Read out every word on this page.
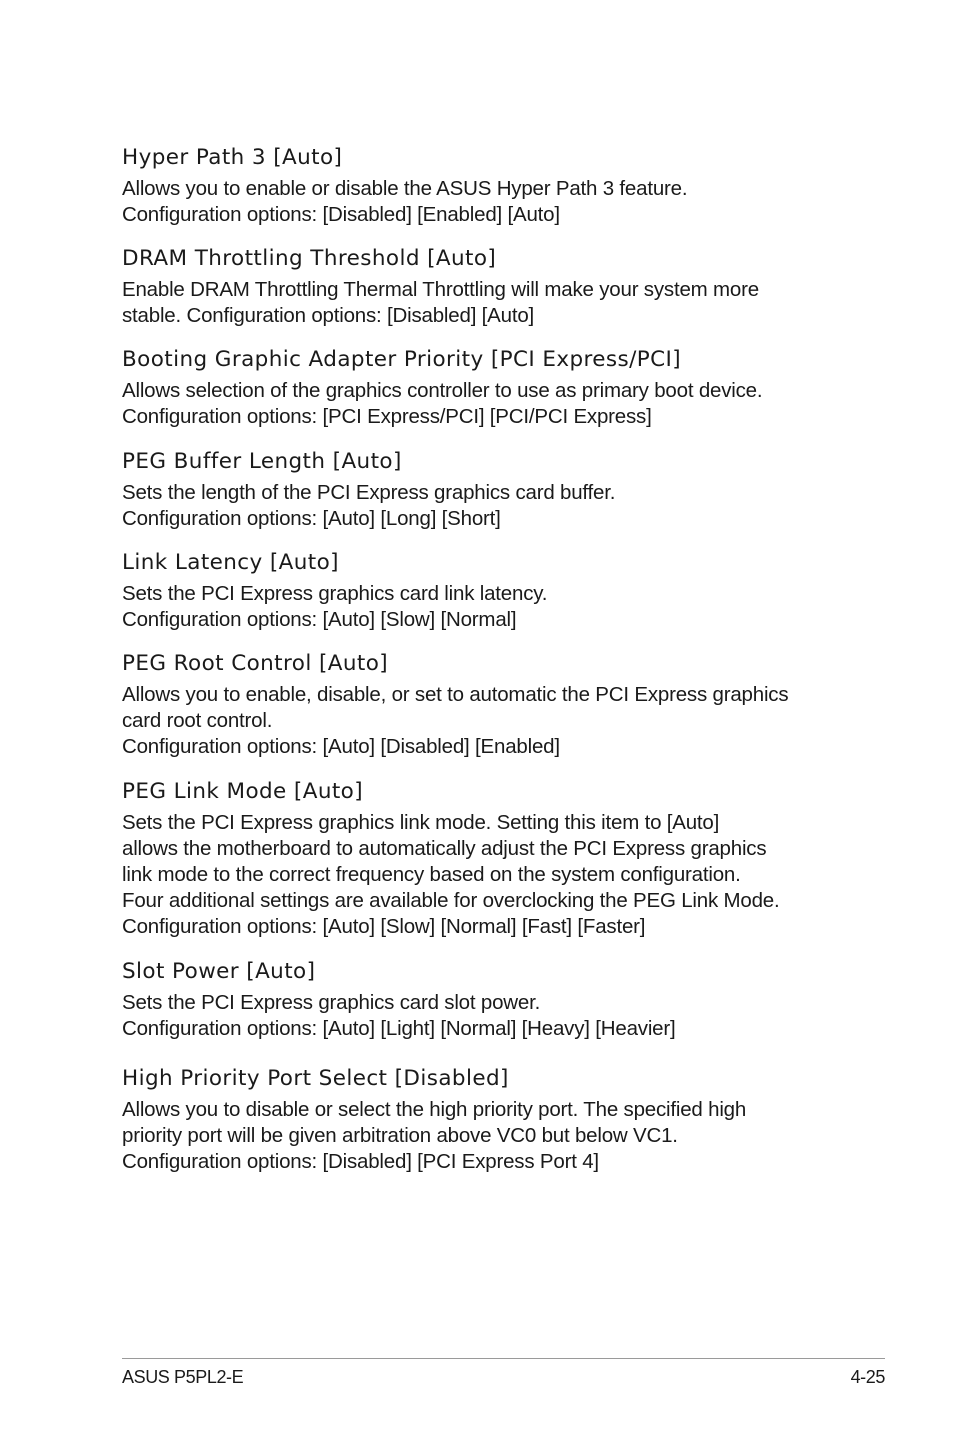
Hyper Path 3 [Auto]
Allows you to enable or disable the ASUS Hyper Path 3 feature.
Configuration options: [Disabled] [Enabled] [Auto]
DRAM Throttling Threshold [Auto]
Enable DRAM Throttling Thermal Throttling will make your system more
stable. Configuration options: [Disabled] [Auto]
Booting Graphic Adapter Priority [PCI Express/PCI]
Allows selection of the graphics controller to use as primary boot device.
Configuration options: [PCI Express/PCI] [PCI/PCI Express]
PEG Buffer Length [Auto]
Sets the length of the PCI Express graphics card buffer.
Configuration options: [Auto] [Long] [Short]
Link Latency [Auto]
Sets the PCI Express graphics card link latency.
Configuration options: [Auto] [Slow] [Normal]
PEG Root Control [Auto]
Allows you to enable, disable, or set to automatic the PCI Express graphics
card root control.
Configuration options: [Auto] [Disabled] [Enabled]
PEG Link Mode [Auto]
Sets the PCI Express graphics link mode. Setting this item to [Auto]
allows the motherboard to automatically adjust the PCI Express graphics
link mode to the correct frequency based on the system configuration.
Four additional settings are available for overclocking the PEG Link Mode.
Configuration options: [Auto] [Slow] [Normal] [Fast] [Faster]
Slot Power [Auto]
Sets the PCI Express graphics card slot power.
Configuration options: [Auto] [Light] [Normal] [Heavy] [Heavier]
High Priority Port Select [Disabled]
Allows you to disable or select the high priority port. The specified high
priority port will be given arbitration above VC0 but below VC1.
Configuration options: [Disabled] [PCI Express Port 4]
ASUS P5PL2-E	4-25
